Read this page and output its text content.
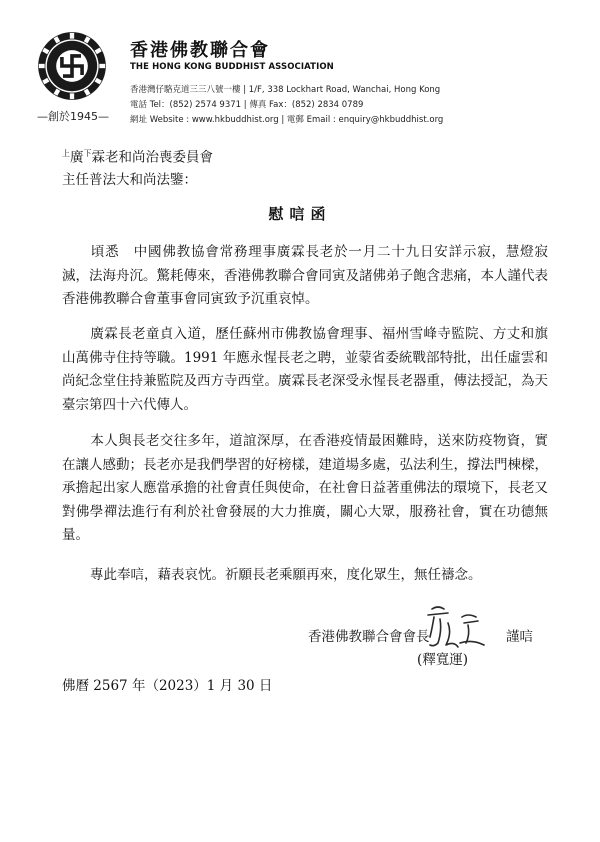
—創於1945—
香港佛教聯合會
THE HONG KONG BUDDHIST ASSOCIATION
香港灣仔駱克道三三八號一樓 | 1/F, 338 Lockhart Road, Wanchai, Hong Kong
電話 Tel：(852) 2574 9371 | 傳真 Fax：(852) 2834 0789
網址 Website : www.hkbuddhist.org | 電郵 Email : enquiry@hkbuddhist.org
$^上$廣$^下$霖老和尚治喪委員會
主任普法大和尚法鑒：
慰唁函
頃悉　中國佛教協會常務理事廣霖長老於一月二十九日安詳示寂，慧燈寂滅，法海舟沉。驚耗傳來，香港佛教聯合會同寅及諸佛弟子飽含悲痛，本人謹代表香港佛教聯合會董事會同寅致予沉重哀悼。
廣霖長老童貞入道，歷任蘇州市佛教協會理事、福州雪峰寺監院、方丈和旗山萬佛寺住持等職。1991 年應永惺長老之聘，並蒙省委統戰部特批，出任虛雲和尚紀念堂住持兼監院及西方寺西堂。廣霖長老深受永惺長老器重，傳法授記，為天臺宗第四十六代傳人。
本人與長老交往多年，道誼深厚，在香港疫情最困難時，送來防疫物資，實在讓人感動；長老亦是我們學習的好榜樣，建道場多處，弘法利生，撐法門棟樑，承擔起出家人應當承擔的社會責任與使命，在社會日益著重佛法的環境下，長老又對佛學禪法進行有利於社會發展的大力推廣，關心大眾，服務社會，實在功德無量。
專此奉唁，藉表哀忱。祈願長老乘願再來，度化眾生，無任禱念。
香港佛教聯合會會長	謹唁
(釋寬運)
佛曆 2567 年（2023）1 月 30 日
